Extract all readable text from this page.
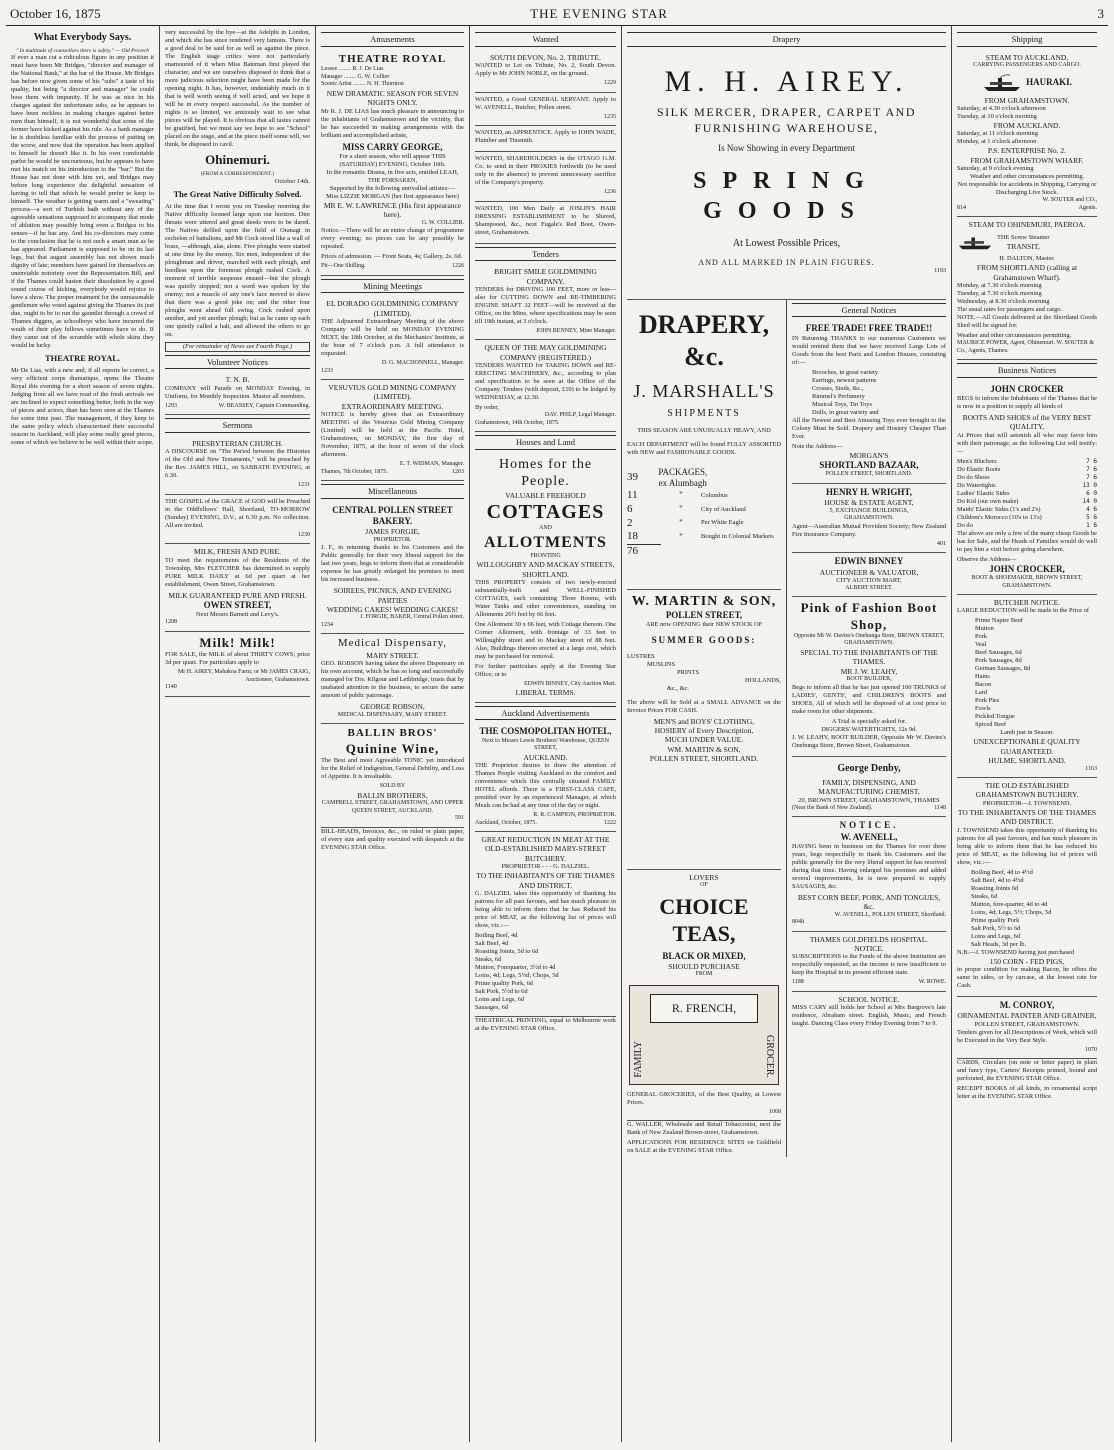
October 16, 1875	THE EVENING STAR	3
What Everybody Says.
" In multitude of counsellors there is safety." — Old Proverb

If ever a man cut a ridiculous figure in any position it must have been Mr Bridges, "director and manager of the National Bank," at the bar of the House. Mr Bridges has before now given some of his "subs" a taste of his quality, but being "a director and manager" he could boss them with impunity. If he was as nice in his charges against the unfortunate subs, as he appears to have been reckless in making charges against better men than himself, it is not wonderful that some of the former have kicked against his rule. As a bank manager he is doubtless familiar with the process of putting on the screw, and now that the operation has been applied to himself he doesn't like it. In his own comfortable parlor he would be uncourteous, but he appears to have met his match on his introduction to the "bar." But the House has not done with him yet, and Bridges may before long experience the delightful sensation of having to tell that which he would prefer to keep to himself. The weather is getting warm and a "sweating" process—a sort of Turkish bath without any of the agreeable sensations supposed to accompany that mode of ablution may possibly bring even a Bridges to his senses—if he has any. And his co-directors may come to the conclusion that he is not such a smart man as he has appeared. Parliament is supposed to be on its last legs, but that august assembly has not shown much dignity of late; members have gained for themselves an unenviable notoriety over the Representation Bill, and if the Thames could hasten their dissolution by a good sound course of kicking, everybody would rejoice to have a show. The proper treatment for the unreasonable gentlemen who voted against giving the Thames its just due, ought to be to run the gauntlet through a crowd of Thames diggers, as schoolboys who have incurred the wrath of their play fellows sometimes have to do. If they came out of the scramble with whole skins they would be lucky.

THEATRE ROYAL.

Mr De Lias, with a new and, if all reports be correct, a very efficient corps dramatique, opens the Theatre Royal this evening for a short season of seven nights. Judging from all we have read of the fresh arrivals we are inclined to expect something better, both in the way of pieces and actors, than has been seen at the Thames for some time past. The management, if they keep to the same policy which characterised their successful season in Auckland, will play some really good pieces, some of which we believe to be well within their scope.

very successful by the bye—at the Adelphi in London, and which she has since rendered very famous. There is a good deal to be said for as well as against the piece. The English stage critics were not particularly enamoured of it when Miss Bateman first played the character, and we are ourselves disposed to think that a more judicious selection might have been made for the opening night. It has, however, undeniably much in it that is well worth seeing if well acted, and we hope it will be in every respect successful. As the number of nights is so limited, we anxiously wait to see what pieces will be played. It is obvious that all tastes cannot be gratified, but we must say we hope to see "School" placed on the stage, and at the piece itself some will, we think, be disposed to cavil.

Ohinemuri.
(FROM A CORRESPONDENT.)
October 14th.
The Great Native Difficulty Solved.

At the time that I wrote you on Tuesday morning the Native difficulty loomed large upon our horizon. Dire threats were uttered and great deeds were to be dared. The Natives defiled upon the field of Oranagi in eschelon of battalions, and Mr Cock stood like a wall of brass, —although, alas, alone. Five ploughs were started at one time by the enemy. Six men, independent of the ploughman and driver, marched with each plough, and heedless upon the foremost plough rushed Cock. A moment of terrible suspense ensued—but the plough was quietly stopped; not a word was spoken by the enemy; not a muscle of any one's face moved to show that there was a good joke on; and the other four ploughs went ahead full swing. Cock rushed upon another, and yet another plough; but as he came up each one quietly called a halt, and allowed the others to go on.

(For remainder of News see Fourth Page.)
Volunteer Notices
T. N. B.

COMPANY will Parade on MONDAY Evening, in Uniform, for Monthly Inspection. Muster all members.

1293	W. BEASSEY, Captain Commanding.
Sermons
PRESBYTERIAN CHURCH.

A DISCOURSE on "The Period between the Histories of the Old and New Testaments," will be preached by the Rev. JAMES HILL, on SABBATH EVENING, at 6.30.

1231

THE GOSPEL of the GRACE of GOD will be Preached in the Oddfellows' Hall, Shortland, TO-MORROW (Sunday) EVENING, D.V., at 6.30 p.m. No collection. All are invited.

1230
MILK, FRESH AND PURE.

TO meet the requirements of the Residents of the Township, Mrs FLETCHER has determined to supply PURE MILK DAILY at 6d per quart at her establishment, Owen Street, Grahamstown.

MILK GUARANTEED PURE AND FRESH.
OWEN STREET,
Next Messrs Barnett and Levy's.
1208
Milk! Milk!

FOR SALE, the MILK of about THIRTY COWS; price 3d per quart. For particulars apply to

Mr H. AIREY, Mahakoa Farm; or Mr JAMES CRAIG, Auctioneer, Grahamstown.
1140
Amusements
THEATRE ROYAL
Lessee ........ R. J. De Lias
Manager ........ G. W. Collier
Scenic Artist ........ N. H. Thornton
NEW DRAMATIC SEASON FOR SEVEN NIGHTS ONLY.

Mr R. J. DE LIAS has much pleasure in announcing to the inhabitants of Grahamstown and the vicinity, that he has succeeded in making arrangements with the brilliant and accomplished artiste,

MISS CARRY GEORGE,
For a short season, who will appear THIS (SATURDAY) EVENING, October 16th.
In the romantic Drama, in five acts, entitled LEAH, THE FORSAKEN,
Supported by the following unrivalled artistes:—
Miss LIZZIE MORGAN (her first appearance here)
MR E. W. LAWRENCE (His first appearance here).
G. W. COLLIER.

Notice.—There will be an entire change of programme every evening; no pieces can be any possibly be repeated.

Prices of admission. — Front Seats, 4s; Gallery, 2s. 6d.

Pit—One Shilling.	1226
Mining Meetings
EL DORADO GOLDMINING COMPANY (LIMITED).

THE Adjourned Extraordinary Meeting of the above Company will be held on MONDAY EVENING NEXT, the 18th October, at the Mechanics' Institute, at the hour of 7 o'clock p.m. A full attendance is requested.

D. G. MACDONNELL, Manager.
1233
VESUVIUS GOLD MINING COMPANY (LIMITED).
EXTRAORDINARY MEETING.

NOTICE is hereby given that an Extraordinary MEETING of the Vesuvius Gold Mining Company (Limited) will be held at the Pacific Hotel, Grahamstown, on MONDAY, the first day of November, 1875, at the hour of seven of the clock afternoon.

E. T. WIDMAN, Manager.
Thames, 7th October, 1875.	1203
Miscellaneous
CENTRAL POLLEN STREET BAKERY.
JAMES FORGIE,
PROPRIETOR.

J. F., in returning thanks to his Customers and the Public generally for their very liberal support for the last two years, begs to inform them that at considerable expense he has greatly enlarged his premises to meet his increased business.

SOIREES, PICNICS, AND EVENING PARTIES
WEDDING CAKES! WEDDING CAKES!
J. FORGIE, BAKER, Central Pollen street.
1234
Medical Dispensary,
MARY STREET.

GEO. ROBSON having taken the above Dispensary on his own account, which he has so long and successfully managed for Drs. Kilgour and Lethbridge, trusts that by unabated attention to the business, to secure the same amount of public patronage.

GEORGE ROBSON,
MEDICAL DISPENSARY, MARY STREET.
BALLIN BROS'
Quinine Wine,

The Best and most Agreeable TONIC yet introduced for the Relief of Indigestion, General Debility, and Loss of Appetite. It is invaluable.

SOLD BY
BALLIN BROTHERS,
CAMPBELL STREET, GRAHAMSTOWN, AND UPPER QUEEN STREET, AUCKLAND.
591

BILL-HEADS, Invoices, &c., on ruled or plain paper, of every size and quality executed with despatch at the EVENING STAR Office.

Wanted
SOUTH DEVON, No. 2. TRIBUTE.

WANTED to Let on Tribute, No. 2, South Devon. Apply to Mr JOHN NOBLE, on the ground.

1229

WANTED, a Good GENERAL SERVANT. Apply to W. AVENELL, Butcher, Pollen street.

1235

WANTED, an APPRENTICE. Apply to JOHN WADE, Plumber and Tinsmith.

WANTED, SHAREHOLDERS in the OTAGO G.M. Co. to send in their PROXIES forthwith (to be used only in the absence) to prevent unnecessary sacrifice of the Company's property.

1236

WANTED, 100 Men Daily at JOSLIN'S HAIR DRESSING ESTABLISHMENT to be Shaved, Shampooed, &c., next Fugale's Red Boot, Owen-street, Grahamstown.

Tenders
BRIGHT SMILE GOLDMINING COMPANY.

TENDERS for DRIVING 100 FEET, more or less—also for CUTTING DOWN and RE-TIMBERING ENGINE SHAFT 32 FEET—will be received at the Office, on the Mine, where specifications may be seen till 19th instant, at 3 o'clock.

JOHN BENNEY, Mine Manager.
QUEEN OF THE MAY GOLDMINING COMPANY (REGISTERED.)

TENDERS WANTED for TAKING DOWN and RE-ERECTING MACHINERY, &c., according to plan and specification to be seen at the Office of the Company. Tenders (with deposit, £10) to be lodged by WEDNESDAY, at 12.30.

By order,
DAV. PHILP, Legal Manager.
Grahamstown, 14th October, 1875.
Houses and Land
Homes for the People.
VALUABLE FREEHOLD
COTTAGES
AND
ALLOTMENTS
FRONTING
WILLOUGHBY AND MACKAY STREETS, SHORTLAND.

THIS PROPERTY consists of two newly-erected substantially-built and WELL-FINISHED COTTAGES, each containing Three Rooms, with Water Tanks and other conveniences, standing on Allotments 26½ feet by 66 feet.

One Allotment 30 x 66 feet, with Cottage thereon. One Corner Allotment, with frontage of 33 feet to Willoughby street and to Mackay street of 88 feet. Also, Buildings thereon erected at a large cost, which may be purchased for removal.

For further particulars apply at the Evening Star Office; or to

EDWIN BINNEY, City Auction Mart.
LIBERAL TERMS.
Auckland Advertisements
THE COSMOPOLITAN HOTEL,
Next to Messrs Lewis Brothers' Warehouse, QUEEN STREET,
AUCKLAND.

THE Proprietor desires to draw the attention of Thames People visiting Auckland to the comfort and convenience which this centrally situated FAMILY HOTEL affords. There is a FIRST-CLASS CAFE, presided over by an experienced Manager, at which Meals can be had at any time of the day or night.

R. R. CAMPION, PROPRIETOR.
Auckland, October, 1875.	1222
GREAT REDUCTION IN MEAT AT THE OLD-ESTABLISHED MARY-STREET BUTCHERY.
PROPRIETOR - - - G. DALZIEL.
TO THE INHABITANTS OF THE THAMES AND DISTRICT.

G. DALZIEL takes this opportunity of thanking his patrons for all past favours, and has much pleasure in being able to inform them that he has Reduced his price of MEAT, as the following list of prices will show, viz.:—

Boiling Beef, 4d
Salt Beef, 4d
Roasting Joints, 5d to 6d
Steaks, 6d
Mutton, Forequarter, 3½d to 4d
Loins, 4d; Legs, 5½d; Chops, 5d
Prime quality Pork, 6d
Salt Pork, 5½d to 6d
Loins and Legs, 6d
Sausages, 6d

THEATRICAL PRINTING, equal to Melbourne work at the EVENING STAR Office.

Drapery
M. H. AIREY.
SILK MERCER, DRAPER, CARPET AND FURNISHING WAREHOUSE,
Is Now Showing in every Department
SPRING GOODS
At Lowest Possible Prices,
AND ALL MARKED IN PLAIN FIGURES.
1193
DRAPERY, &c.
J. MARSHALL'S
SHIPMENTS
THIS SEASON ARE UNUSUALLY HEAVY, AND

EACH DEPARTMENT will be found FULLY ASSORTED with NEW and FASHIONABLE GOODS.

39	PACKAGES, ex Alumbagh
11	"	Columbus
6	"	City of Auckland
2	"	Per White Eagle
18	"	Bought in Colonial Markets
76
W. MARTIN & SON,
POLLEN STREET,
ARE now OPENING their NEW STOCK OF
SUMMER GOODS:
LUSTRES
MUSLINS
PRINTS
HOLLANDS,
&c., &c.

The above will be Sold at a SMALL ADVANCE on the Invoice Prices FOR CASH.

MEN'S and BOYS' CLOTHING,
HOSIERY of Every Description,
MUCH UNDER VALUE.
WM. MARTIN & SON,
POLLEN STREET, SHORTLAND.
LOVERS
OF
CHOICE TEAS,
BLACK OR MIXED,
SHOULD PURCHASE
FROM
R. FRENCH,
FAMILY	GROCER.

GENERAL GROCERIES, of the Best Quality, at Lowest Prices.

1068

G. WALLER, Wholesale and Retail Tobacconist, next the Bank of New Zealand Brown-street, Grahamstown.

APPLICATIONS FOR RESIDENCE SITES on Goldfield on SALE at the EVENING STAR Office.

General Notices
FREE TRADE! FREE TRADE!!

IN Returning THANKS to our numerous Customers we would remind them that we have received Large Lots of Goods from the best Paris and London Houses, consisting of:—

Brooches, in great variety
Earrings, newest patterns
Crosses, Studs, &c.,
Rimmel's Perfumery
Musical Toys, Tin Toys
Dolls, in great variety and

All the Newest and Best Amusing Toys ever brought to the Colony Must be Sold. Drapery and Hosiery Cheaper Than Ever.

Note the Address—
MORGAN'S
SHORTLAND BAZAAR,
POLLEN STREET, SHORTLAND.
HENRY H. WRIGHT,
HOUSE & ESTATE AGENT,
5, EXCHANGE BUILDINGS,
GRAHAMSTOWN.

Agent—Australian Mutual Provident Society; New Zealand Fire Insurance Company.

401
EDWIN BINNEY
AUCTIONEER & VALUATOR,
CITY AUCTION MART,
ALBERT STREET.
Pink of Fashion Boot Shop,
Opposite Mr W. Davies's Onehunga Store, BROWN STREET, GRAHAMSTOWN.
SPECIAL TO THE INHABITANTS OF THE THAMES.
MR J. W. LEAHY,
BOOT BUILDER,

Begs to inform all that he has just opened 100 TRUNKS of LADIES', GENTS', and CHILDREN'S BOOTS and SHOES, All of which will be disposed of at cost price to make room for other shipments.

A Trial is specially asked for.
DIGGERS' WATERTIGHTS, 12s 9d.

J. W. LEAHY, BOOT BUILDER, Opposite Mr W. Davies's Onehunga Store, Brown Street, Grahamstown.

George Denby,
FAMILY, DISPENSING, AND MANUFACTURING CHEMIST,
20, BROWN STREET, GRAHAMSTOWN, THAMES
(Near the Bank of New Zealand).	1148
NOTICE.
W. AVENELL,

HAVING been in business on the Thames for over three years, begs respectfully to thank his Customers and the public generally for the very liberal support he has received during that time. Having enlarged his premises and added several improvements, he is now prepared to supply SAUSAGES, &c.

BEST CORN BEEF, PORK, AND TONGUES, &c.
W. AVENELL, POLLEN STREET, Shortland.
804lt
THAMES GOLDFIELDS HOSPITAL.
NOTICE.

SUBSCRIPTIONS to the Funds of the above Institution are respectfully requested, as the income is now insufficient to keep the Hospital in its present efficient state.

1188	W. ROWE.
SCHOOL NOTICE.

MISS CARY still holds her School at Mrs Bargrove's late residence, Abraham street. English, Music, and French taught. Dancing Class every Friday Evening from 7 to 9.

Shipping
STEAM TO AUCKLAND,
CARRYING PASSENGERS AND CARGO.
HAURAKI.
FROM GRAHAMSTOWN.
Saturday, at 4.30 o'clock afternoon
Tuesday, at 10 o'clock morning
FROM AUCKLAND.
Saturday, at 11 o'clock morning
Monday, at 1 o'clock afternoon
P.S. ENTERPRISE No. 2.
FROM GRAHAMSTOWN WHARF.
Saturday, at 9 o'clock evening
Weather and other circumstances permitting.
Not responsible for accidents in Shipping, Carrying or Discharging Live Stock.
W. SOUTER and CO.,
814	Agents.
STEAM TO OHINEMURI, PAEROA.
THE Screw Steamer
TRANSIT,
H. DALTON, Master.
FROM SHORTLAND (calling at Grahamstown Wharf).
Monday, at 7.30 o'clock morning
Tuesday, at 7.30 o'clock morning
Wednesday, at 8.30 o'clock morning
The usual rates for passengers and cargo.

NOTE.—All Goods delivered at the Shortland Goods Shed will be signed for.

Weather and other circumstances permitting.
MAURICE POWER, Agent, Ohinemuri. W. SOUTER & Co., Agents, Thames.
Business Notices
JOHN CROCKER

BEGS to inform the Inhabitants of the Thames that he is now in a position to supply all kinds of

BOOTS AND SHOES of the VERY BEST QUALITY,

At Prices that will astonish all who may favor him with their patronage, as the following List will testify:—

Men's Bluchers	7 6
Do Elastic Boots	7 6
Do do Shoes	7 6
Do Watertights	13 0
Ladies' Elastic Sides	6 0
Do Kid (our own make)	14 0
Maids' Elastic Sides (1's and 2's)	4 6
Children's Morocco (10's to 13's)	5 6
Do do	1 6

The above are only a few of the many cheap Goods he has for Sale, and the Heads of Families would do well to pay him a visit before going elsewhere.

Observe the Address—
JOHN CROCKER,
BOOT & SHOEMAKER, BROWN STREET, GRAHAMSTOWN.
BUTCHER NOTICE.

LARGE REDUCTION will be made in the Price of

Prime Napier Beef
Mutton
Pork
Veal
Beef Sausages, 6d
Pork Sausages, 8d
German Sausages, 8d
Hams
Bacon
Lard
Pork Pies
Fowls
Pickled Tongue
Spiced Beef
Lamb just in Season.
UNEXCEPTIONABLE QUALITY GUARANTEED.
HULME, SHORTLAND.
1163
THE OLD ESTABLISHED GRAHAMSTOWN BUTCHERY.
PROPRIETOR—J. TOWNSEND.
TO THE INHABITANTS OF THE THAMES AND DISTRICT.

J. TOWNSEND takes this opportunity of thanking his patrons for all past favours, and has much pleasure in being able to inform them that he has reduced his price of MEAT, as the following list of prices will show, viz.:—

Boiling Beef, 4d to 4½d
Salt Beef, 4d to 4½d
Roasting Joints 6d
Steaks, 6d
Mutton, fore-quarter, 4d to 4d
Loins, 4d; Legs, 5½; Chops, 5d
Prime quality Pork
Salt Pork, 5½ to 6d
Loins and Legs, 6d
Salt Heads, 3d per lb.
N.B.—J. TOWNSEND having just purchased
150 CORN - FED PIGS,

in proper condition for making Bacon, he offers the same in sides, or by carcase, at the lowest rate for Cash.

M. CONROY,
ORNAMENTAL PAINTER AND GRAINER,
POLLEN STREET, GRAHAMSTOWN.

Tenders given for all Descriptions of Work, which will be Executed in the Very Best Style.

1070

CARDS, Circulars (on note or letter paper) in plain and fancy type, Carters' Receipts printed, bound and perforated, the EVENING STAR Office.

RECEIPT BOOKS of all kinds, in ornamental script letter at the EVENING STAR Office.
